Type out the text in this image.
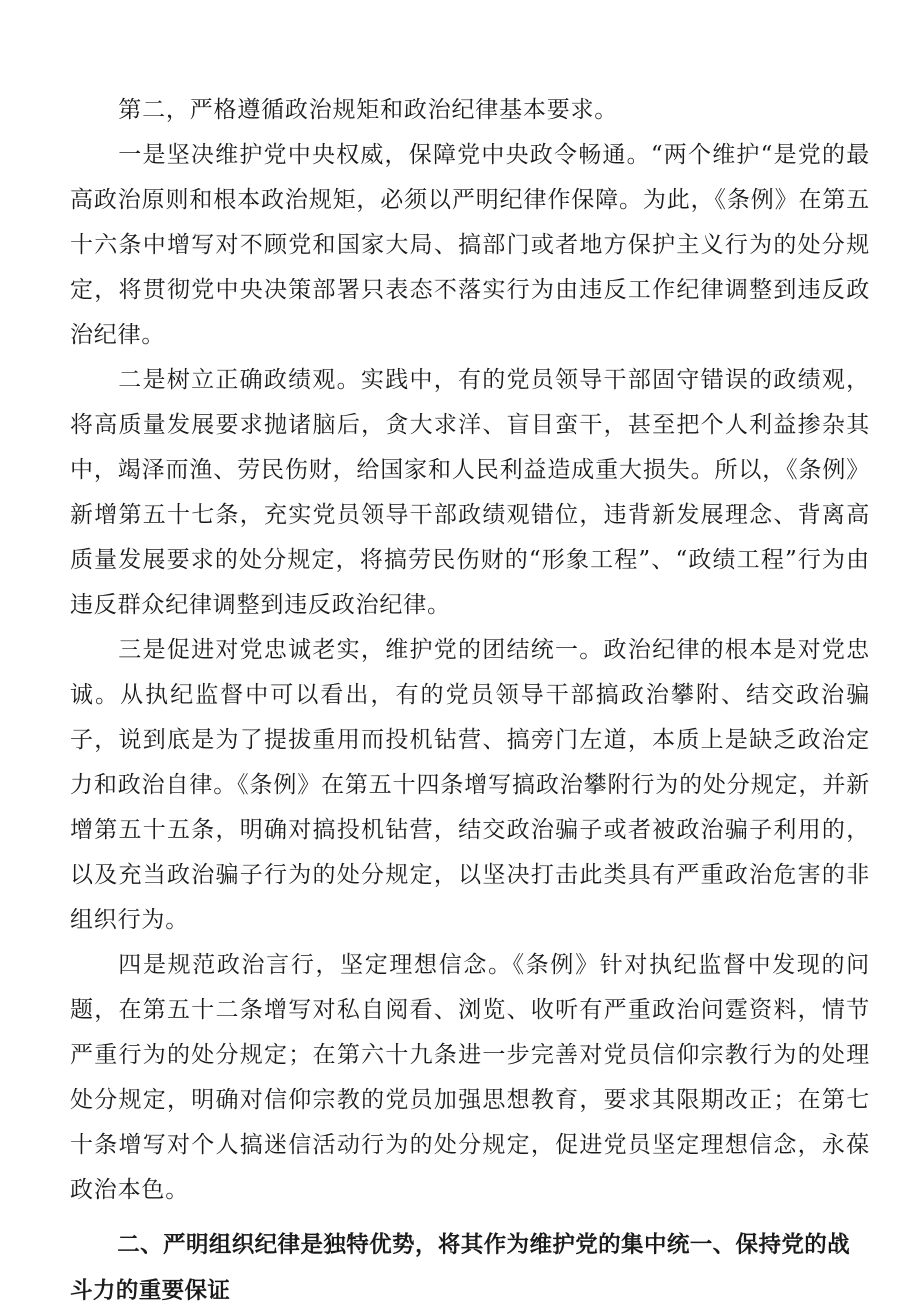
第二，严格遵循政治规矩和政治纪律基本要求。

一是坚决维护党中央权威，保障党中央政令畅通。“两个维护“是党的最高政治原则和根本政治规矩，必须以严明纪律作保障。为此，《条例》在第五十六条中增写对不顾党和国家大局、搞部门或者地方保护主义行为的处分规定，将贯彻党中央决策部署只表态不落实行为由违反工作纪律调整到违反政治纪律。

二是树立正确政绩观。实践中，有的党员领导干部固守错误的政绩观，将高质量发展要求抛诸脑后，贪大求洋、盲目蛮干，甚至把个人利益掺杂其中，竭泽而渔、劳民伤财，给国家和人民利益造成重大损失。所以，《条例》新增第五十七条，充实党员领导干部政绩观错位，违背新发展理念、背离高质量发展要求的处分规定，将搞劳民伤财的“形象工程”、“政绩工程”行为由违反群众纪律调整到违反政治纪律。

三是促进对党忠诚老实，维护党的团结统一。政治纪律的根本是对党忠诚。从执纪监督中可以看出，有的党员领导干部搞政治攀附、结交政治骗子，说到底是为了提拔重用而投机钻营、搞旁门左道，本质上是缺乏政治定力和政治自律。《条例》在第五十四条增写搞政治攀附行为的处分规定，并新增第五十五条，明确对搞投机钻营，结交政治骗子或者被政治骗子利用的，以及充当政治骗子行为的处分规定，以坚决打击此类具有严重政治危害的非组织行为。

四是规范政治言行，坚定理想信念。《条例》针对执纪监督中发现的问题，在第五十二条增写对私自阅看、浏览、收听有严重政治问霆资料，情节严重行为的处分规定；在第六十九条进一步完善对党员信仰宗教行为的处理处分规定，明确对信仰宗教的党员加强思想教育，要求其限期改正；在第七十条增写对个人搞迷信活动行为的处分规定，促进党员坚定理想信念，永葆政治本色。

二、严明组织纪律是独特优势，将其作为维护党的集中统一、保持党的战斗力的重要保证
